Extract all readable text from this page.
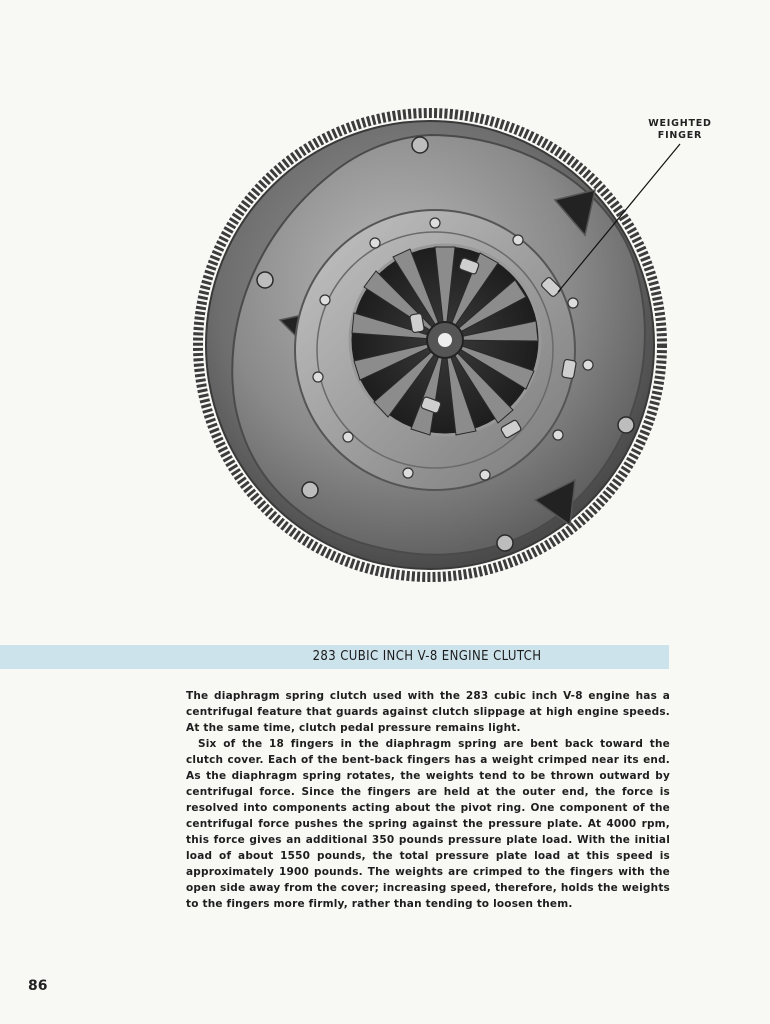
WEIGHTED
FINGER
283 CUBIC INCH V-8 ENGINE CLUTCH

The diaphragm spring clutch used with the 283 cubic inch V-8 engine has a centrifugal feature that guards against clutch slippage at high engine speeds. At the same time, clutch pedal pressure remains light.

Six of the 18 fingers in the diaphragm spring are bent back toward the clutch cover. Each of the bent-back fingers has a weight crimped near its end. As the diaphragm spring rotates, the weights tend to be thrown outward by centrifugal force. Since the fingers are held at the outer end, the force is resolved into components acting about the pivot ring. One component of the centrifugal force pushes the spring against the pressure plate. At 4000 rpm, this force gives an additional 350 pounds pressure plate load. With the initial load of about 1550 pounds, the total pressure plate load at this speed is approximately 1900 pounds. The weights are crimped to the fingers with the open side away from the cover; increasing speed, therefore, holds the weights to the fingers more firmly, rather than tending to loosen them.

86
